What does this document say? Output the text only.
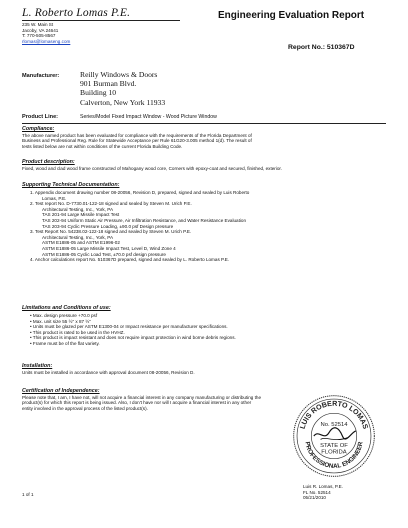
L. Roberto Lomas P.E.	Engineering Evaluation Report
235 W. Main St
Jacoby, VA 24641
T: 770-505-8567
rlomas@lomaseng.com
Report No.: 510367D
Manufacturer:	Reilly Windows & Doors
901 Burman Blvd.
Building 10
Calverton, New York 11933
Product Line:	Series/Model Fixed Impact Window - Wood Picture Window
Compliance:
The above named product has been evaluated for compliance with the requirements of the Florida Department of
Business and Professional Reg. Rule for Statewide Acceptance per Rule 61G20-3.005 method 1(d). The result of
tests listed below are not within conditions of the current Florida Building Code.
Product description:
Fixed, wood and clad wood frame constructed of Mahogany wood core, Corners with epoxy-coat and secured, finished, exterior.
Supporting Technical Documentation:
1. Appendix document drawing number 08-20056, Revision D, prepared, signed and sealed by Luis Roberto
Lomas, P.E.
2. Test report No. D-7730.01-122-18 signed and sealed by Steven M. Urich P.E.
Architectural Testing, Inc., York, PA
TAS 201-94 Large Missile Impact Test
TAS 202-94 Uniform Static Air Pressure, Air Infiltration Resistance, and Water Resistance Evaluation
TAS 203-94 Cyclic Pressure Loading, ±90.0 psf Design pressure
3. Test Report No. 54238.02-122-18 signed and sealed by Steven M. Urich P.E.
Architectural Testing, Inc., York, PA
ASTM E1886-05 and ASTM E1996-02
ASTM E1886-05 Large Missile Impact Test, Level D, Wind Zone 4
ASTM E1886-05 Cyclic Load Test, ±70.0 psf design pressure
4. Anchor calculations report No. 510367D prepared, signed and sealed by L. Roberto Lomas P.E.
Limitations and Conditions of use:
• Max. design pressure +70.0 psf
• Max. unit size 55 ½" x 87 ½"
• Units must be glazed per ASTM E1300-04 or Impact resistance per manufacturer specifications.
• This product is rated to be used in the HVHZ.
• This product is impact resistant and does not require impact protection in wind borne debris regions.
• Frame must be of the flat variety.
Installation:
Units must be installed in accordance with approval document 08-20056, Revision D.
Certification of Independence:
Please note that, I am, I have not, will not acquire a financial interest in any company manufacturing or distributing the
product(s) for which this report is being issued. Also, I don't have nor will I acquire a financial interest in any other
entity involved in the approval process of the listed product(s).
LUIS ROBERTO LOMAS
PROFESSIONAL ENGINEER
No. 52514
STATE OF
FLORIDA
1 of 1
Luis R. Lomas, P.E.
FL No. 52514
05/21/2010
